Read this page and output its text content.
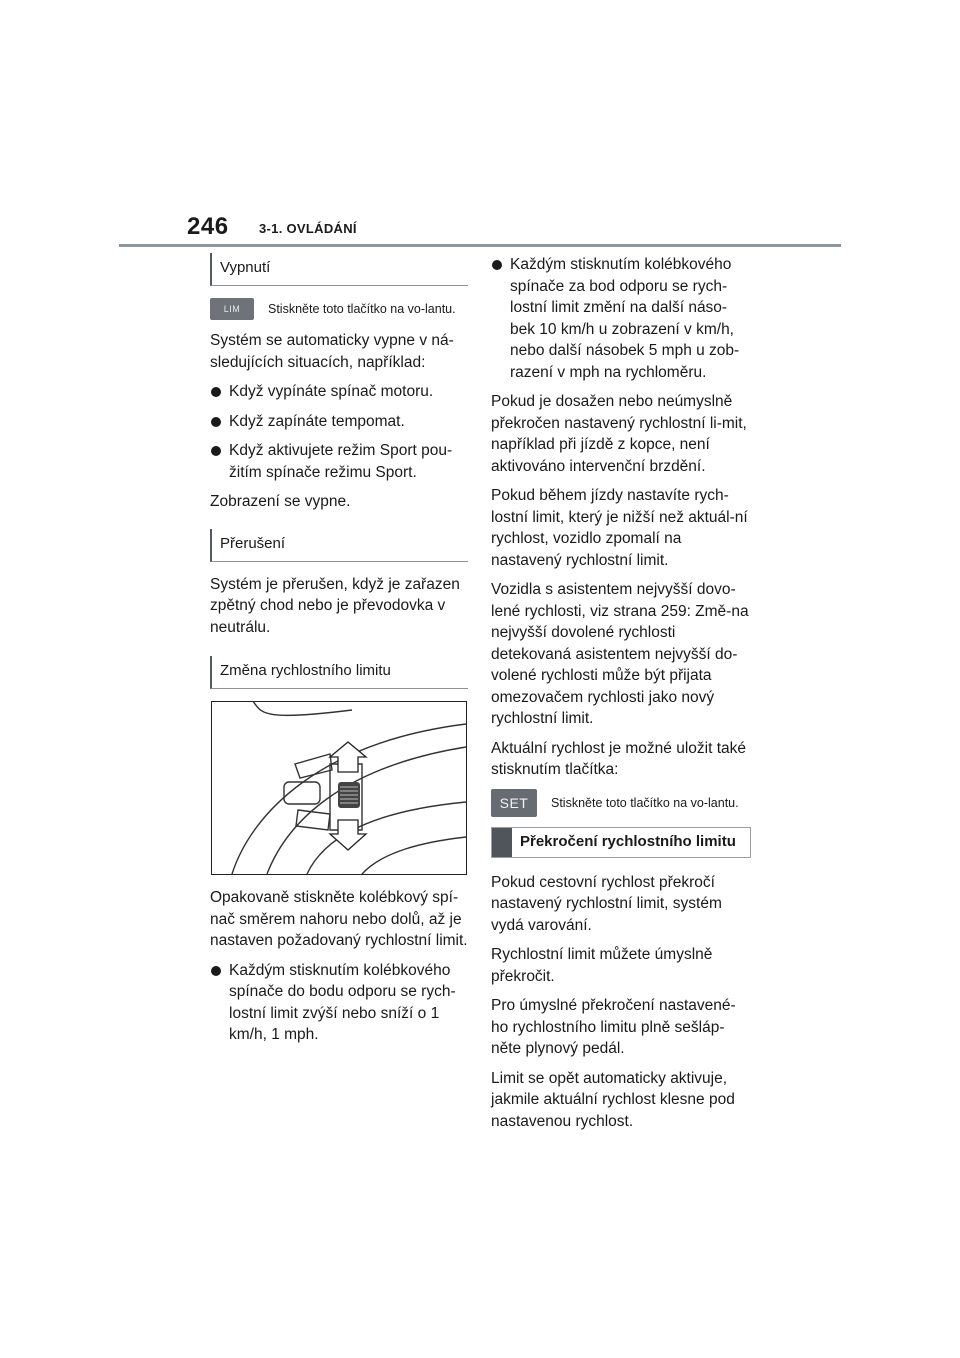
246 3-1. OVLÁDÁNÍ
Vypnutí
LIM	Stiskněte toto tlačítko na vo-lantu.

Systém se automaticky vypne v ná-sledujících situacích, například:

Když vypínáte spínač motoru.

Když zapínáte tempomat.

Když aktivujete režim Sport pou-žitím spínače režimu Sport.

Zobrazení se vypne.

Přerušení

Systém je přerušen, když je zařazen zpětný chod nebo je převodovka v neutrálu.

Změna rychlostního limitu

Opakovaně stiskněte kolébkový spí-nač směrem nahoru nebo dolů, až je nastaven požadovaný rychlostní limit.

Každým stisknutím kolébkového spínače do bodu odporu se rych-lostní limit zvýší nebo sníží o 1 km/h, 1 mph.

Každým stisknutím kolébkového spínače za bod odporu se rych-lostní limit změní na další náso-bek 10 km/h u zobrazení v km/h, nebo další násobek 5 mph u zob-razení v mph na rychloměru.

Pokud je dosažen nebo neúmyslně překročen nastavený rychlostní li-mit, například při jízdě z kopce, není aktivováno intervenční brzdění.

Pokud během jízdy nastavíte rych-lostní limit, který je nižší než aktuál-ní rychlost, vozidlo zpomalí na nastavený rychlostní limit.

Vozidla s asistentem nejvyšší dovo-lené rychlosti, viz strana 259: Změ-na nejvyšší dovolené rychlosti detekovaná asistentem nejvyšší do-volené rychlosti může být přijata omezovačem rychlosti jako nový rychlostní limit.

Aktuální rychlost je možné uložit také stisknutím tlačítka:

SET	Stiskněte toto tlačítko na vo-lantu.
Překročení rychlostního limitu

Pokud cestovní rychlost překročí nastavený rychlostní limit, systém vydá varování.

Rychlostní limit můžete úmyslně překročit.

Pro úmyslné překročení nastavené-ho rychlostního limitu plně sešláp-něte plynový pedál.

Limit se opět automaticky aktivuje, jakmile aktuální rychlost klesne pod nastavenou rychlost.
